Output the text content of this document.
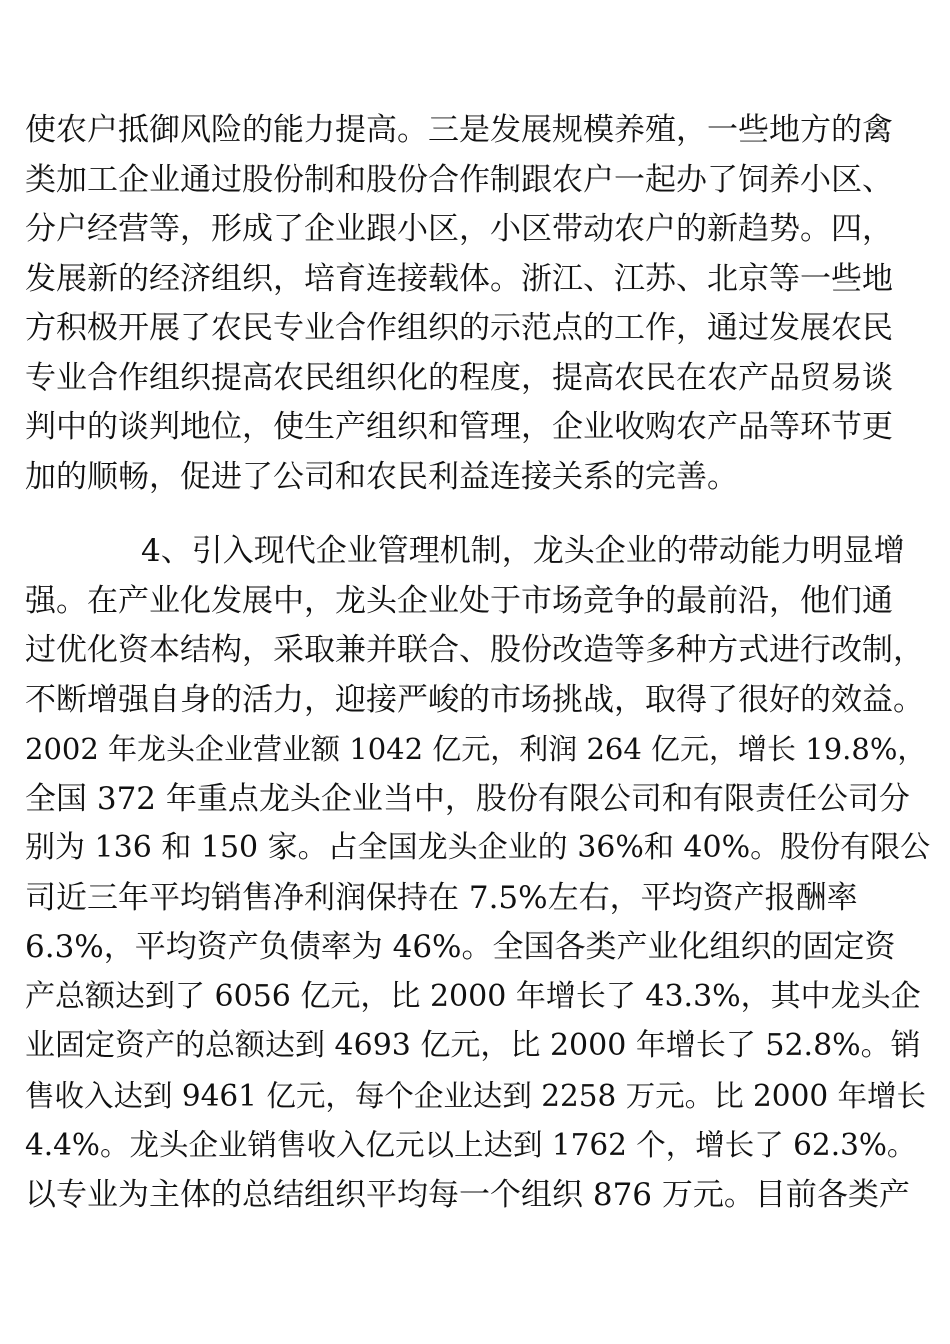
使农户抵御风险的能力提高。三是发展规模养殖，一些地方的禽
类加工企业通过股份制和股份合作制跟农户一起办了饲养小区、
分户经营等，形成了企业跟小区，小区带动农户的新趋势。四，
发展新的经济组织，培育连接载体。浙江、江苏、北京等一些地
方积极开展了农民专业合作组织的示范点的工作，通过发展农民
专业合作组织提高农民组织化的程度，提高农民在农产品贸易谈
判中的谈判地位，使生产组织和管理，企业收购农产品等环节更
加的顺畅，促进了公司和农民利益连接关系的完善。
4、引入现代企业管理机制，龙头企业的带动能力明显增
强。在产业化发展中，龙头企业处于市场竞争的最前沿，他们通
过优化资本结构，采取兼并联合、股份改造等多种方式进行改制，
不断增强自身的活力，迎接严峻的市场挑战，取得了很好的效益。
2002 年龙头企业营业额 1042 亿元，利润 264 亿元，增长 19.8%，
全国 372 年重点龙头企业当中，股份有限公司和有限责任公司分
别为 136 和 150 家。占全国龙头企业的 36%和 40%。股份有限公
司近三年平均销售净利润保持在 7.5%左右，平均资产报酬率
6.3%，平均资产负债率为 46%。全国各类产业化组织的固定资
产总额达到了 6056 亿元，比 2000 年增长了 43.3%，其中龙头企
业固定资产的总额达到 4693 亿元，比 2000 年增长了 52.8%。销
售收入达到 9461 亿元，每个企业达到 2258 万元。比 2000 年增长
4.4%。龙头企业销售收入亿元以上达到 1762 个，增长了 62.3%。
以专业为主体的总结组织平均每一个组织 876 万元。目前各类产
